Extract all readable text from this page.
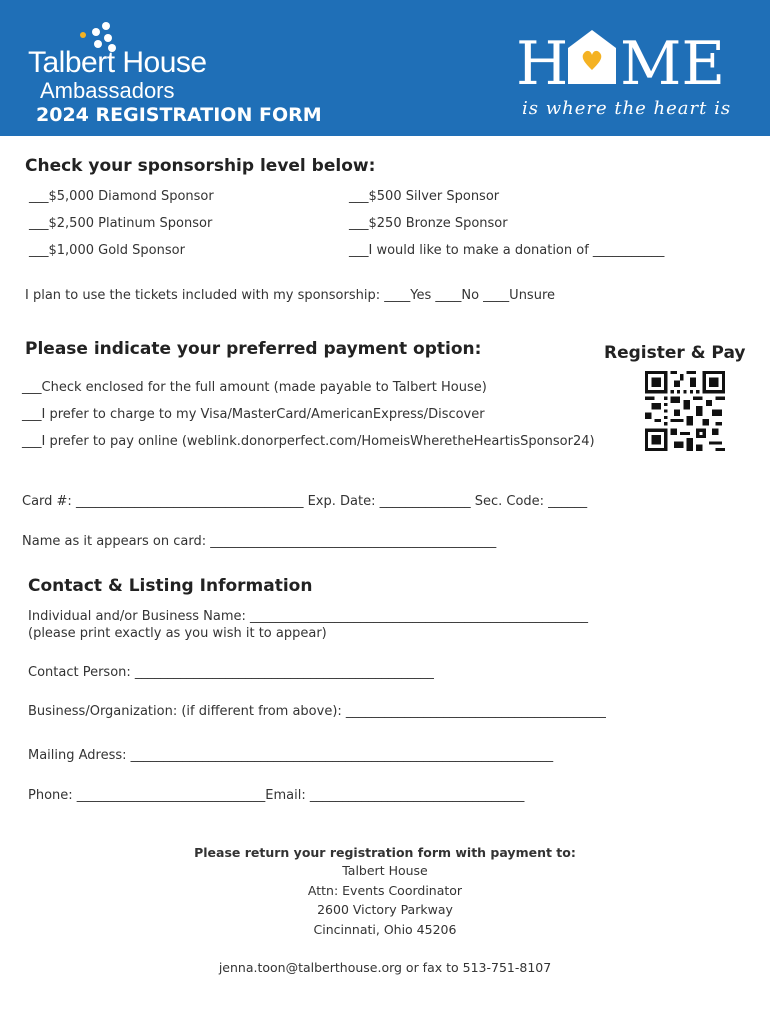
Talbert House
Ambassadors
2024 REGISTRATION FORM
H ME
is where the heart is
Check your sponsorship level below:
___$5,000 Diamond Sponsor
___$2,500 Platinum Sponsor
___$1,000 Gold Sponsor
___$500 Silver Sponsor
___$250 Bronze Sponsor
___I would like to make a donation of ___________
I plan to use the tickets included with my sponsorship: ____Yes ____No ____Unsure
Please indicate your preferred payment option:	Register & Pay
___Check enclosed for the full amount (made payable to Talbert House)
___I prefer to charge to my Visa/MasterCard/AmericanExpress/Discover
___I prefer to pay online (weblink.donorperfect.com/HomeisWheretheHeartisSponsor24)
Card #: ___________________________________ Exp. Date: ______________ Sec. Code: ______
Name as it appears on card: ____________________________________________
Contact & Listing Information
Individual and/or Business Name: ____________________________________________________
(please print exactly as you wish it to appear)
Contact Person: ______________________________________________
Business/Organization: (if different from above): ________________________________________
Mailing Adress: _________________________________________________________________
Phone: _____________________________Email: _________________________________
Please return your registration form with payment to:
Talbert House
Attn: Events Coordinator
2600 Victory Parkway
Cincinnati, Ohio 45206
jenna.toon@talberthouse.org or fax to 513-751-8107
